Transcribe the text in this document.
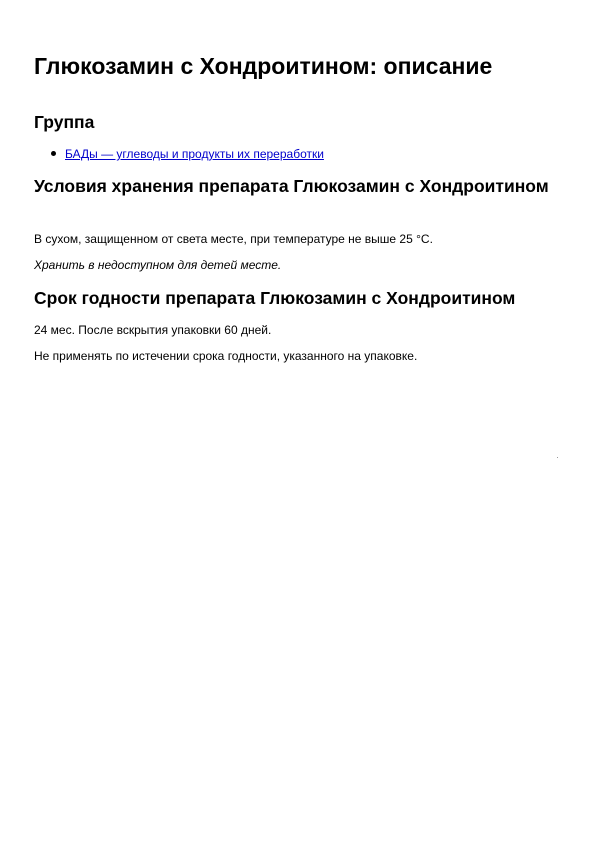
Глюкозамин с Хондроитином: описание
Группа
БАДы — углеводы и продукты их переработки
Условия хранения препарата Глюкозамин с Хондроитином

В сухом, защищенном от света месте, при температуре не выше 25 °C.

Хранить в недоступном для детей месте.

Срок годности препарата Глюкозамин с Хондроитином

24 мес. После вскрытия упаковки 60 дней.

Не применять по истечении срока годности, указанного на упаковке.
